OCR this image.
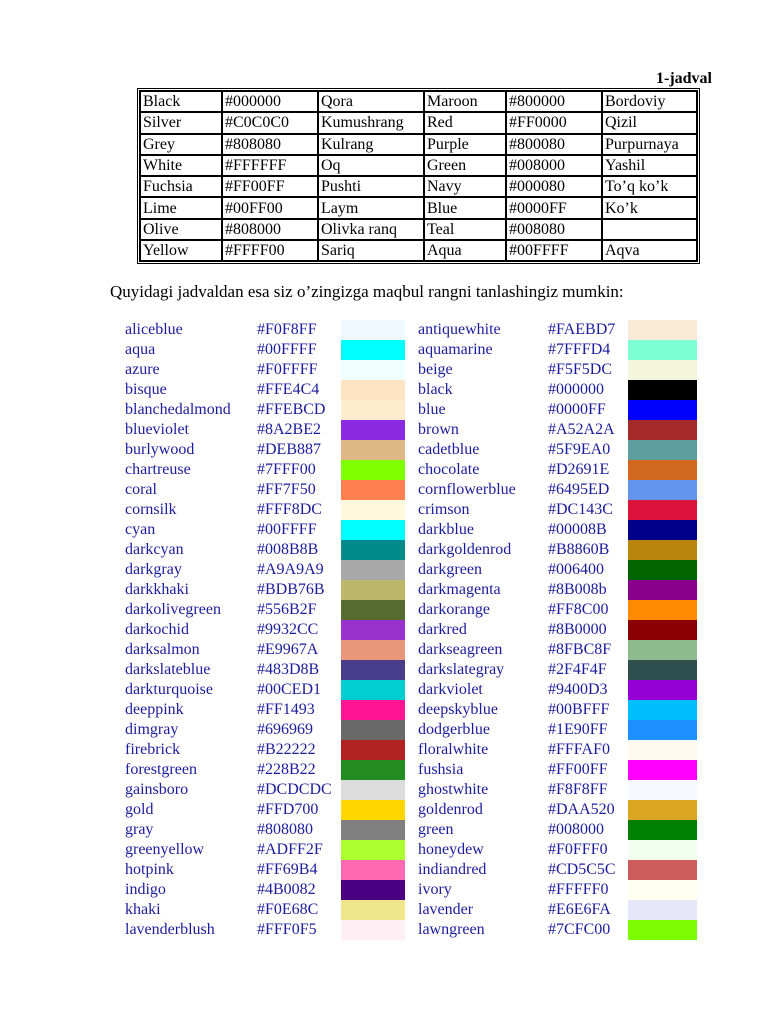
1-jadval
Black	#000000	Qora	Maroon	#800000	Bordoviy
Silver	#C0C0C0	Kumushrang	Red	#FF0000	Qizil
Grey	#808080	Kulrang	Purple	#800080	Purpurnaya
White	#FFFFFF	Oq	Green	#008000	Yashil
Fuchsia	#FF00FF	Pushti	Navy	#000080	To’q ko’k
Lime	#00FF00	Laym	Blue	#0000FF	Ko’k
Olive	#808000	Olivka ranq	Teal	#008080	
Yellow	#FFFF00	Sariq	Aqua	#00FFFF	Aqva
Quyidagi jadvaldan esa siz o’zingizga maqbul rangni tanlashingiz mumkin:
aliceblue	#F0F8FF	antiquewhite	#FAEBD7
aqua	#00FFFF	aquamarine	#7FFFD4
azure	#F0FFFF	beige	#F5F5DC
bisque	#FFE4C4	black	#000000
blanchedalmond #FFEBCD	blue	#0000FF
blueviolet	#8A2BE2	brown	#A52A2A
burlywood	#DEB887	cadetblue	#5F9EA0
chartreuse	#7FFF00	chocolate	#D2691E
coral	#FF7F50	cornflowerblue #6495ED
cornsilk	#FFF8DC	crimson	#DC143C
cyan	#00FFFF	darkblue	#00008B
darkcyan	#008B8B	darkgoldenrod #B8860B
darkgray	#A9A9A9	darkgreen	#006400
darkkhaki	#BDB76B	darkmagenta	#8B008b
darkolivegreen #556B2F	darkorange	#FF8C00
darkochid	#9932CC	darkred	#8B0000
darksalmon	#E9967A	darkseagreen	#8FBC8F
darkslateblue	#483D8B	darkslategray	#2F4F4F
darkturquoise	#00CED1	darkviolet	#9400D3
deeppink	#FF1493	deepskyblue	#00BFFF
dimgray	#696969	dodgerblue	#1E90FF
firebrick	#B22222	floralwhite	#FFFAF0
forestgreen	#228B22	fushsia	#FF00FF
gainsboro	#DCDCDC	ghostwhite	#F8F8FF
gold	#FFD700	goldenrod	#DAA520
gray	#808080	green	#008000
greenyellow	#ADFF2F	honeydew	#F0FFF0
hotpink	#FF69B4	indiandred	#CD5C5C
indigo	#4B0082	ivory	#FFFFF0
khaki	#F0E68C	lavender	#E6E6FA
lavenderblush	#FFF0F5	lawngreen	#7CFC00
